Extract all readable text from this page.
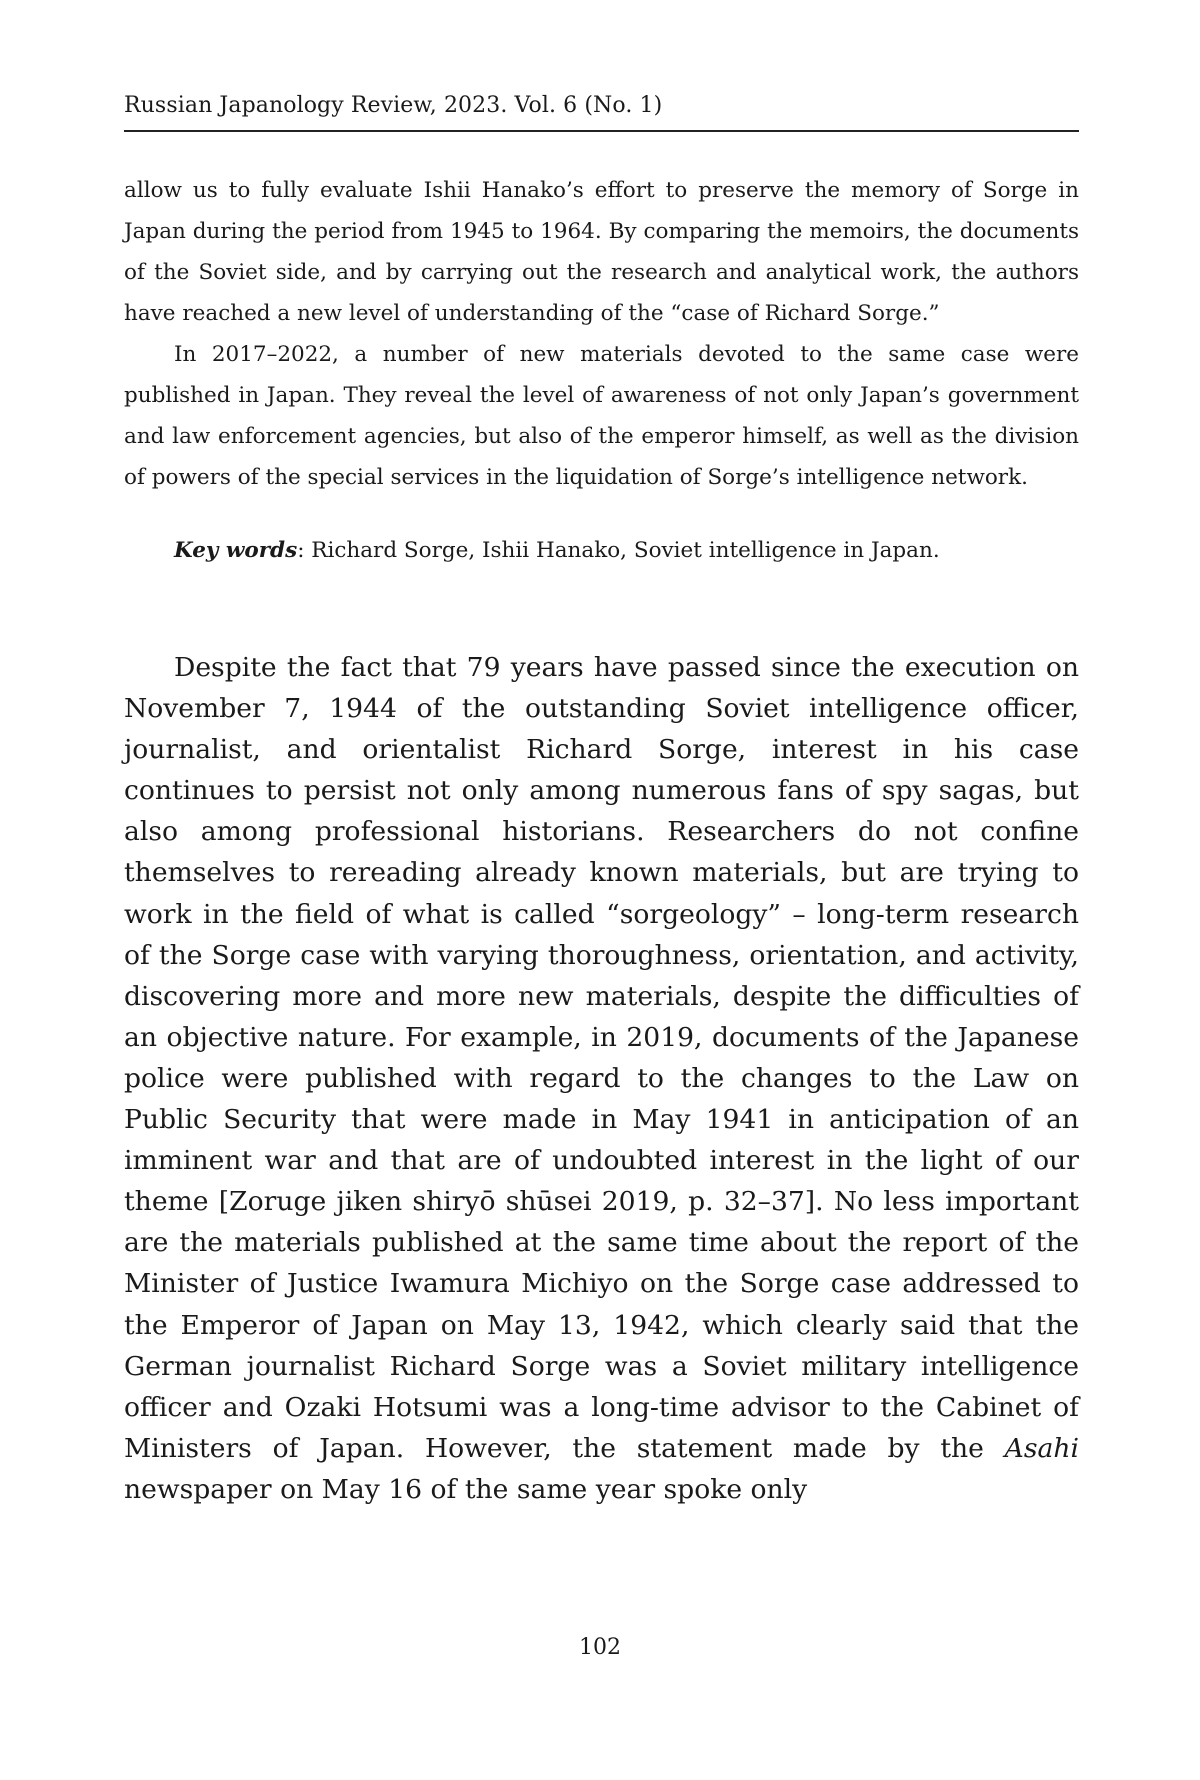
Russian Japanology Review, 2023. Vol. 6 (No. 1)

allow us to fully evaluate Ishii Hanako’s effort to preserve the memory of Sorge in Japan during the period from 1945 to 1964. By comparing the memoirs, the documents of the Soviet side, and by carrying out the research and analytical work, the authors have reached a new level of understanding of the “case of Richard Sorge.”

In 2017–2022, a number of new materials devoted to the same case were published in Japan. They reveal the level of awareness of not only Japan’s government and law enforcement agencies, but also of the emperor himself, as well as the division of powers of the special services in the liquidation of Sorge’s intelligence network.

Key words: Richard Sorge, Ishii Hanako, Soviet intelligence in Japan.

Despite the fact that 79 years have passed since the execution on November 7, 1944 of the outstanding Soviet intelligence officer, journalist, and orientalist Richard Sorge, interest in his case continues to persist not only among numerous fans of spy sagas, but also among professional historians. Researchers do not confine themselves to rereading already known materials, but are trying to work in the field of what is called “sorgeology” – long-term research of the Sorge case with varying thoroughness, orientation, and activity, discovering more and more new materials, despite the difficulties of an objective nature. For example, in 2019, documents of the Japanese police were published with regard to the changes to the Law on Public Security that were made in May 1941 in anticipation of an imminent war and that are of undoubted interest in the light of our theme [Zoruge jiken shiryō shūsei 2019, p. 32–37]. No less important are the materials published at the same time about the report of the Minister of Justice Iwamura Michiyo on the Sorge case addressed to the Emperor of Japan on May 13, 1942, which clearly said that the German journalist Richard Sorge was a Soviet military intelligence officer and Ozaki Hotsumi was a long-time advisor to the Cabinet of Ministers of Japan. However, the statement made by the Asahi newspaper on May 16 of the same year spoke only

102
